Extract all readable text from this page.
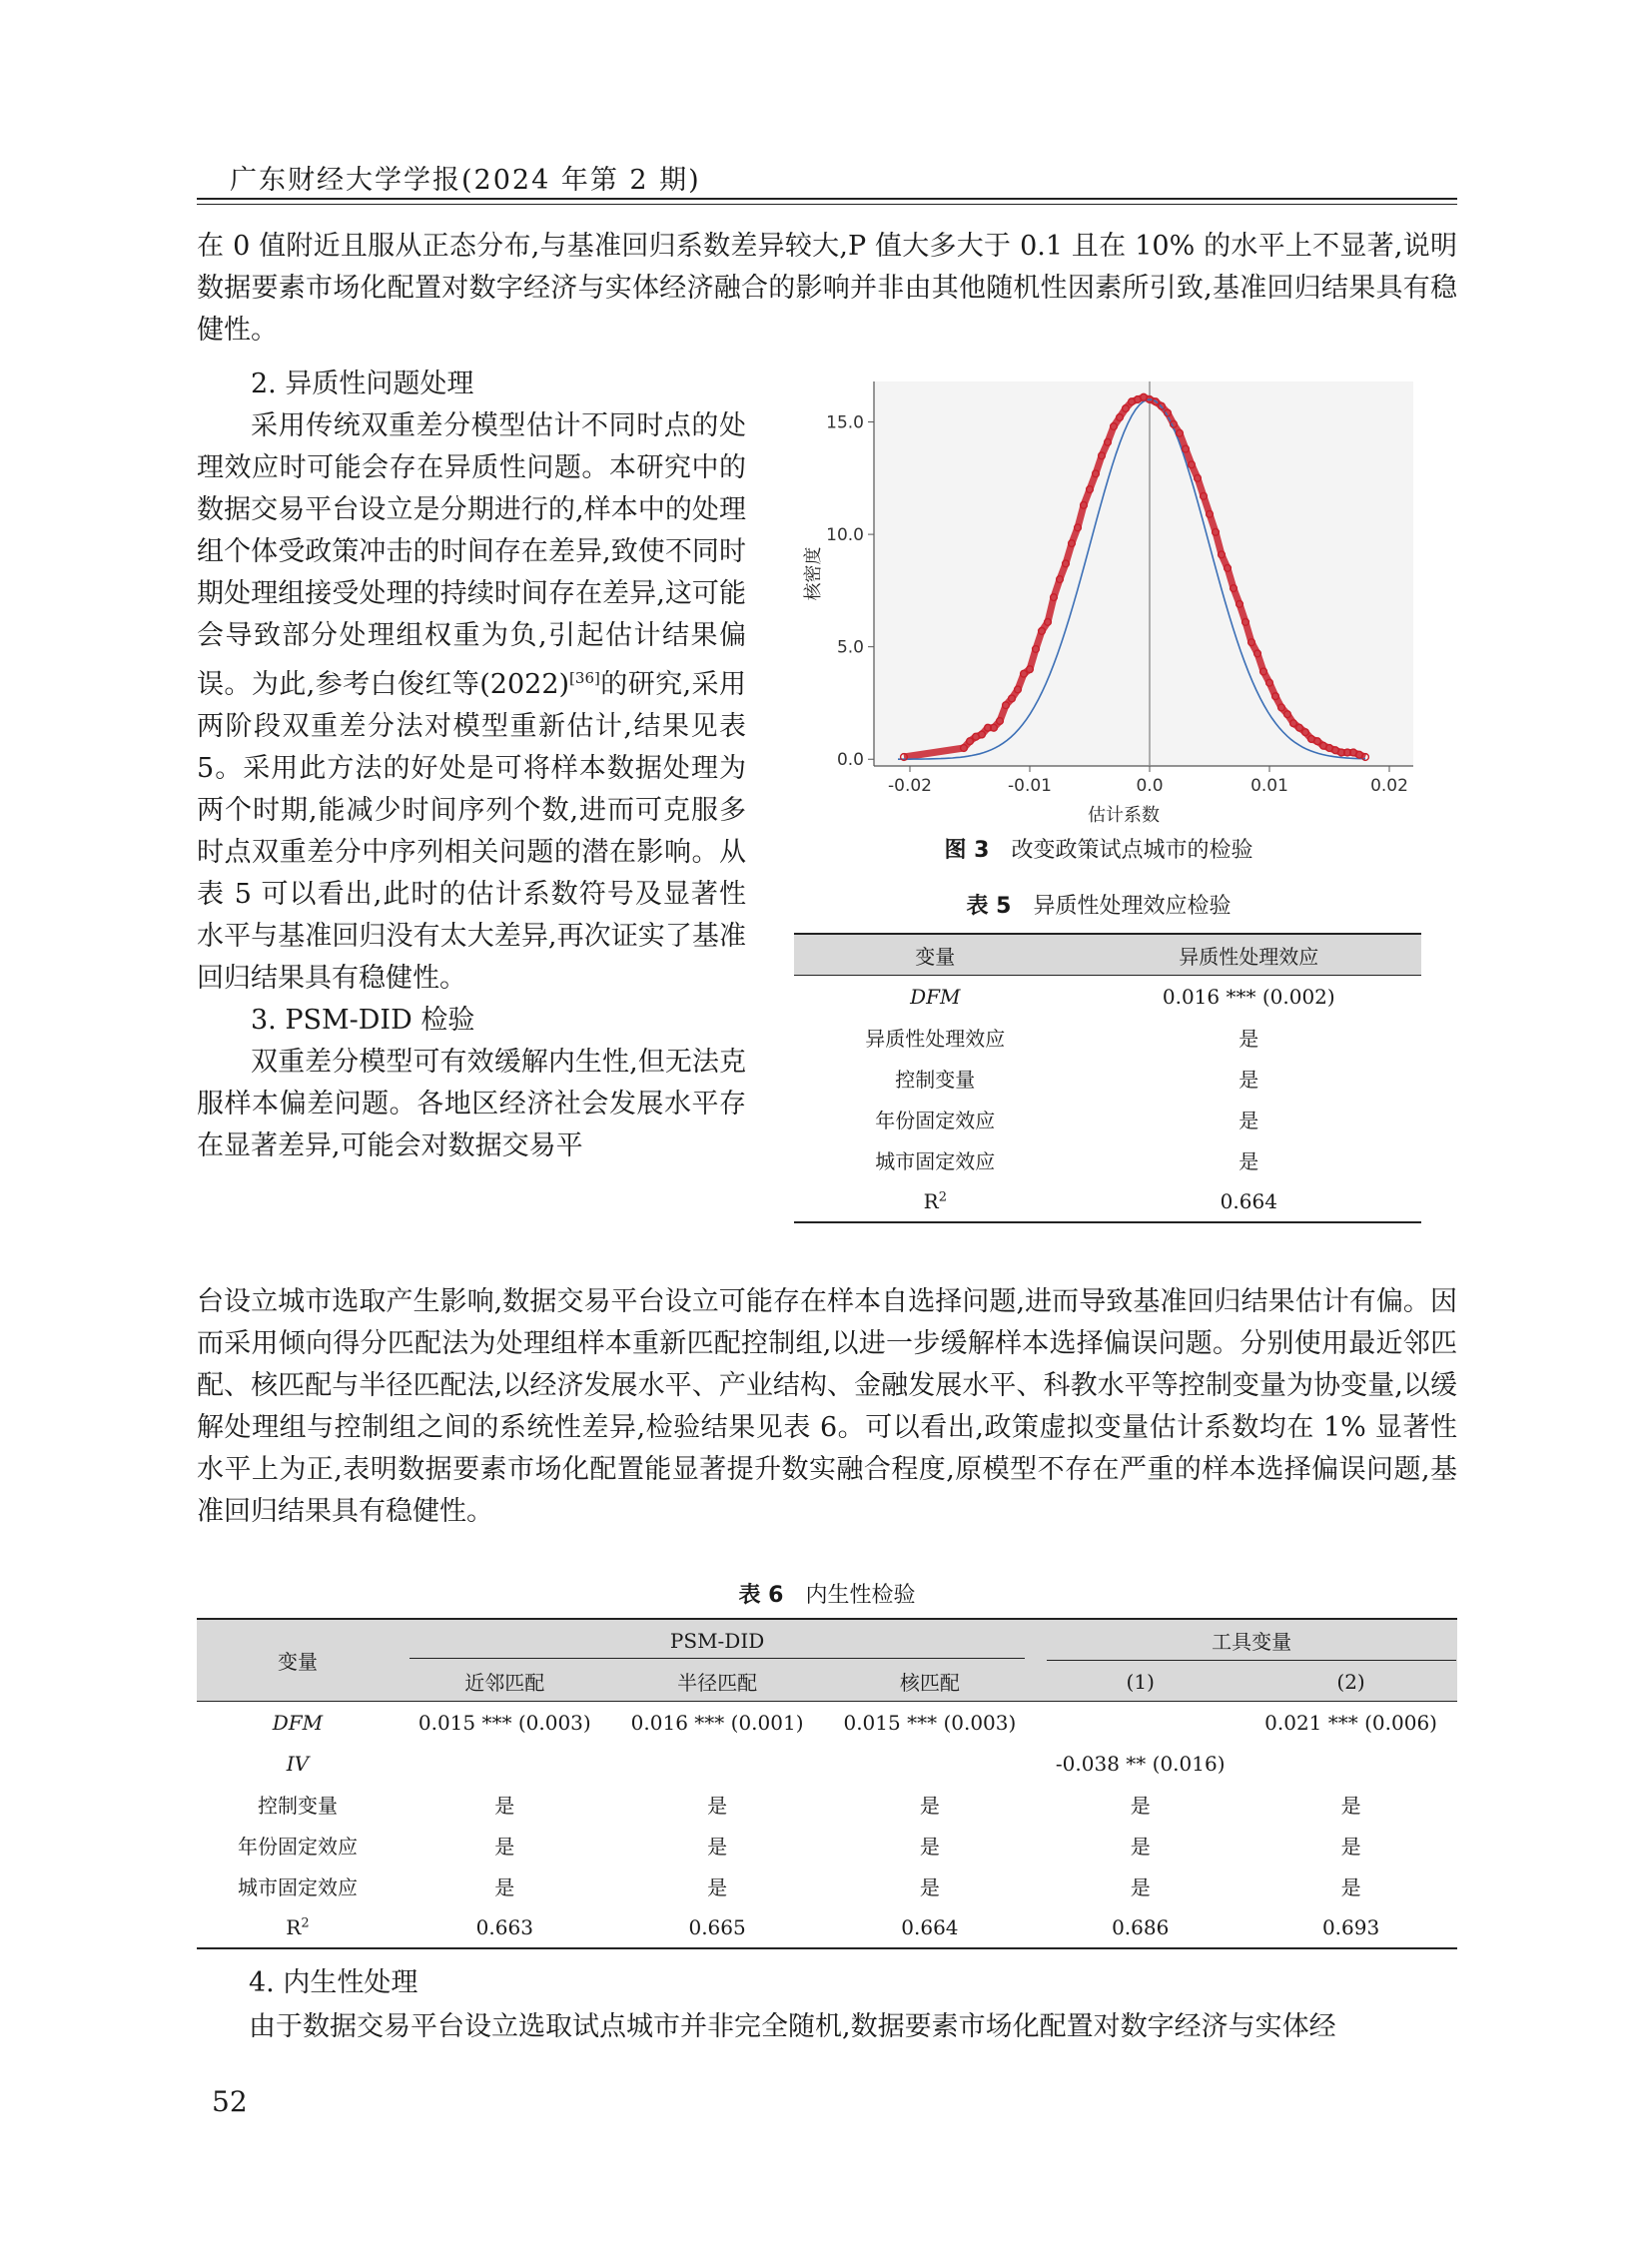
广东财经大学学报(2024 年第 2 期)

在 0 值附近且服从正态分布,与基准回归系数差异较大,P 值大多大于 0.1 且在 10% 的水平上不显著,说明数据要素市场化配置对数字经济与实体经济融合的影响并非由其他随机性因素所引致,基准回归结果具有稳健性。

2. 异质性问题处理

采用传统双重差分模型估计不同时点的处理效应时可能会存在异质性问题。本研究中的数据交易平台设立是分期进行的,样本中的处理组个体受政策冲击的时间存在差异,致使不同时期处理组接受处理的持续时间存在差异,这可能会导致部分处理组权重为负,引起估计结果偏误。为此,参考白俊红等(2022)[36]的研究,采用两阶段双重差分法对模型重新估计,结果见表 5。采用此方法的好处是可将样本数据处理为两个时期,能减少时间序列个数,进而可克服多时点双重差分中序列相关问题的潜在影响。从表 5 可以看出,此时的估计系数符号及显著性水平与基准回归没有太大差异,再次证实了基准回归结果具有稳健性。

3. PSM-DID 检验

双重差分模型可有效缓解内生性,但无法克服样本偏差问题。各地区经济社会发展水平存在显著差异,可能会对数据交易平

0.0
5.0
10.0
15.0
-0.02	-0.01	0.0	0.01	0.02
估计系数
核密度
图 3 改变政策试点城市的检验
表 5 异质性处理效应检验
变量	异质性处理效应
DFM	0.016 *** (0.002)
异质性处理效应	是
控制变量	是
年份固定效应	是
城市固定效应	是
$R^2$	0.664

台设立城市选取产生影响,数据交易平台设立可能存在样本自选择问题,进而导致基准回归结果估计有偏。因而采用倾向得分匹配法为处理组样本重新匹配控制组,以进一步缓解样本选择偏误问题。分别使用最近邻匹配、核匹配与半径匹配法,以经济发展水平、产业结构、金融发展水平、科教水平等控制变量为协变量,以缓解处理组与控制组之间的系统性差异,检验结果见表 6。可以看出,政策虚拟变量估计系数均在 1% 显著性水平上为正,表明数据要素市场化配置能显著提升数实融合程度,原模型不存在严重的样本选择偏误问题,基准回归结果具有稳健性。

表 6 内生性检验
变量	PSM-DID			工具变量	

	近邻匹配	半径匹配	核匹配	(1)	(2)
DFM	0.015 *** (0.003)	0.016 *** (0.001)	0.015 *** (0.003)		0.021 *** (0.006)
IV				-0.038 ** (0.016)	
控制变量	是	是	是	是	是
年份固定效应	是	是	是	是	是
城市固定效应	是	是	是	是	是
$R^2$	0.663	0.665	0.664	0.686	0.693
4. 内生性处理
由于数据交易平台设立选取试点城市并非完全随机,数据要素市场化配置对数字经济与实体经
52
